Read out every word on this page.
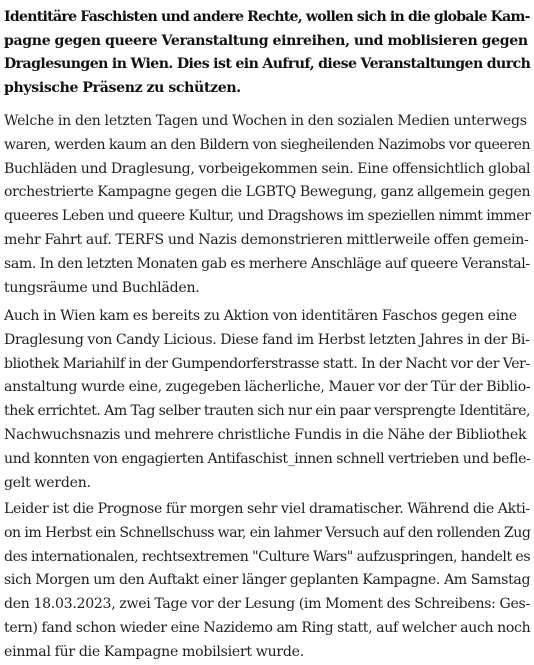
Identitäre Faschisten und andere Rechte, wollen sich in die globale Kam-
pagne gegen queere Veranstaltung einreihen, und moblisieren gegen
Draglesungen in Wien. Dies ist ein Aufruf, diese Veranstaltungen durch
physische Präsenz zu schützen.
Welche in den letzten Tagen und Wochen in den sozialen Medien unterwegs
waren, werden kaum an den Bildern von siegheilenden Nazimobs vor queeren
Buchläden und Draglesung, vorbeigekommen sein. Eine offensichtlich global
orchestrierte Kampagne gegen die LGBTQ Bewegung, ganz allgemein gegen
queeres Leben und queere Kultur, und Dragshows im speziellen nimmt immer
mehr Fahrt auf. TERFS und Nazis demonstrieren mittlerweile offen gemein-
sam. In den letzten Monaten gab es merhere Anschläge auf queere Veranstal-
tungsräume und Buchläden.
Auch in Wien kam es bereits zu Aktion von identitären Faschos gegen eine
Draglesung von Candy Licious. Diese fand im Herbst letzten Jahres in der Bi-
bliothek Mariahilf in der Gumpendorferstrasse statt. In der Nacht vor der Ver-
anstaltung wurde eine, zugegeben lächerliche, Mauer vor der Tür der Biblio-
thek errichtet. Am Tag selber trauten sich nur ein paar versprengte Identitäre,
Nachwuchsnazis und mehrere christliche Fundis in die Nähe der Bibliothek
und konnten von engagierten Antifaschist_innen schnell vertrieben und befle-
gelt werden.
Leider ist die Prognose für morgen sehr viel dramatischer. Während die Akti-
on im Herbst ein Schnellschuss war, ein lahmer Versuch auf den rollenden Zug
des internationalen, rechtsextremen "Culture Wars" aufzuspringen, handelt es
sich Morgen um den Auftakt einer länger geplanten Kampagne. Am Samstag
den 18.03.2023, zwei Tage vor der Lesung (im Moment des Schreibens: Ges-
tern) fand schon wieder eine Nazidemo am Ring statt, auf welcher auch noch
einmal für die Kampagne mobilsiert wurde.
